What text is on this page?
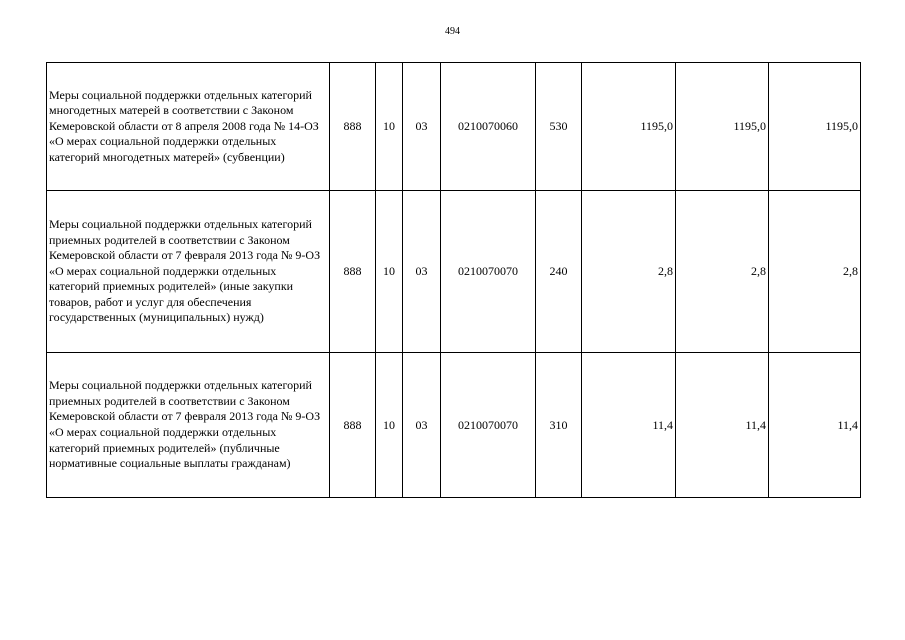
494
Меры социальной поддержки отдельных категорий многодетных матерей в соответствии с Законом Кемеровской области от 8 апреля 2008 года № 14-ОЗ «О мерах социальной поддержки отдельных категорий многодетных матерей» (субвенции)	888	10	03	0210070060	530	1195,0	1195,0	1195,0
Меры социальной поддержки отдельных категорий приемных родителей в соответствии с Законом Кемеровской области от 7 февраля 2013 года № 9-ОЗ «О мерах социальной поддержки отдельных категорий приемных родителей» (иные закупки товаров, работ и услуг для обеспечения государственных (муниципальных) нужд)	888	10	03	0210070070	240	2,8	2,8	2,8
Меры социальной поддержки отдельных категорий приемных родителей в соответствии с Законом Кемеровской области от 7 февраля 2013 года № 9-ОЗ «О мерах социальной поддержки отдельных категорий приемных родителей» (публичные нормативные социальные выплаты гражданам)	888	10	03	0210070070	310	11,4	11,4	11,4
